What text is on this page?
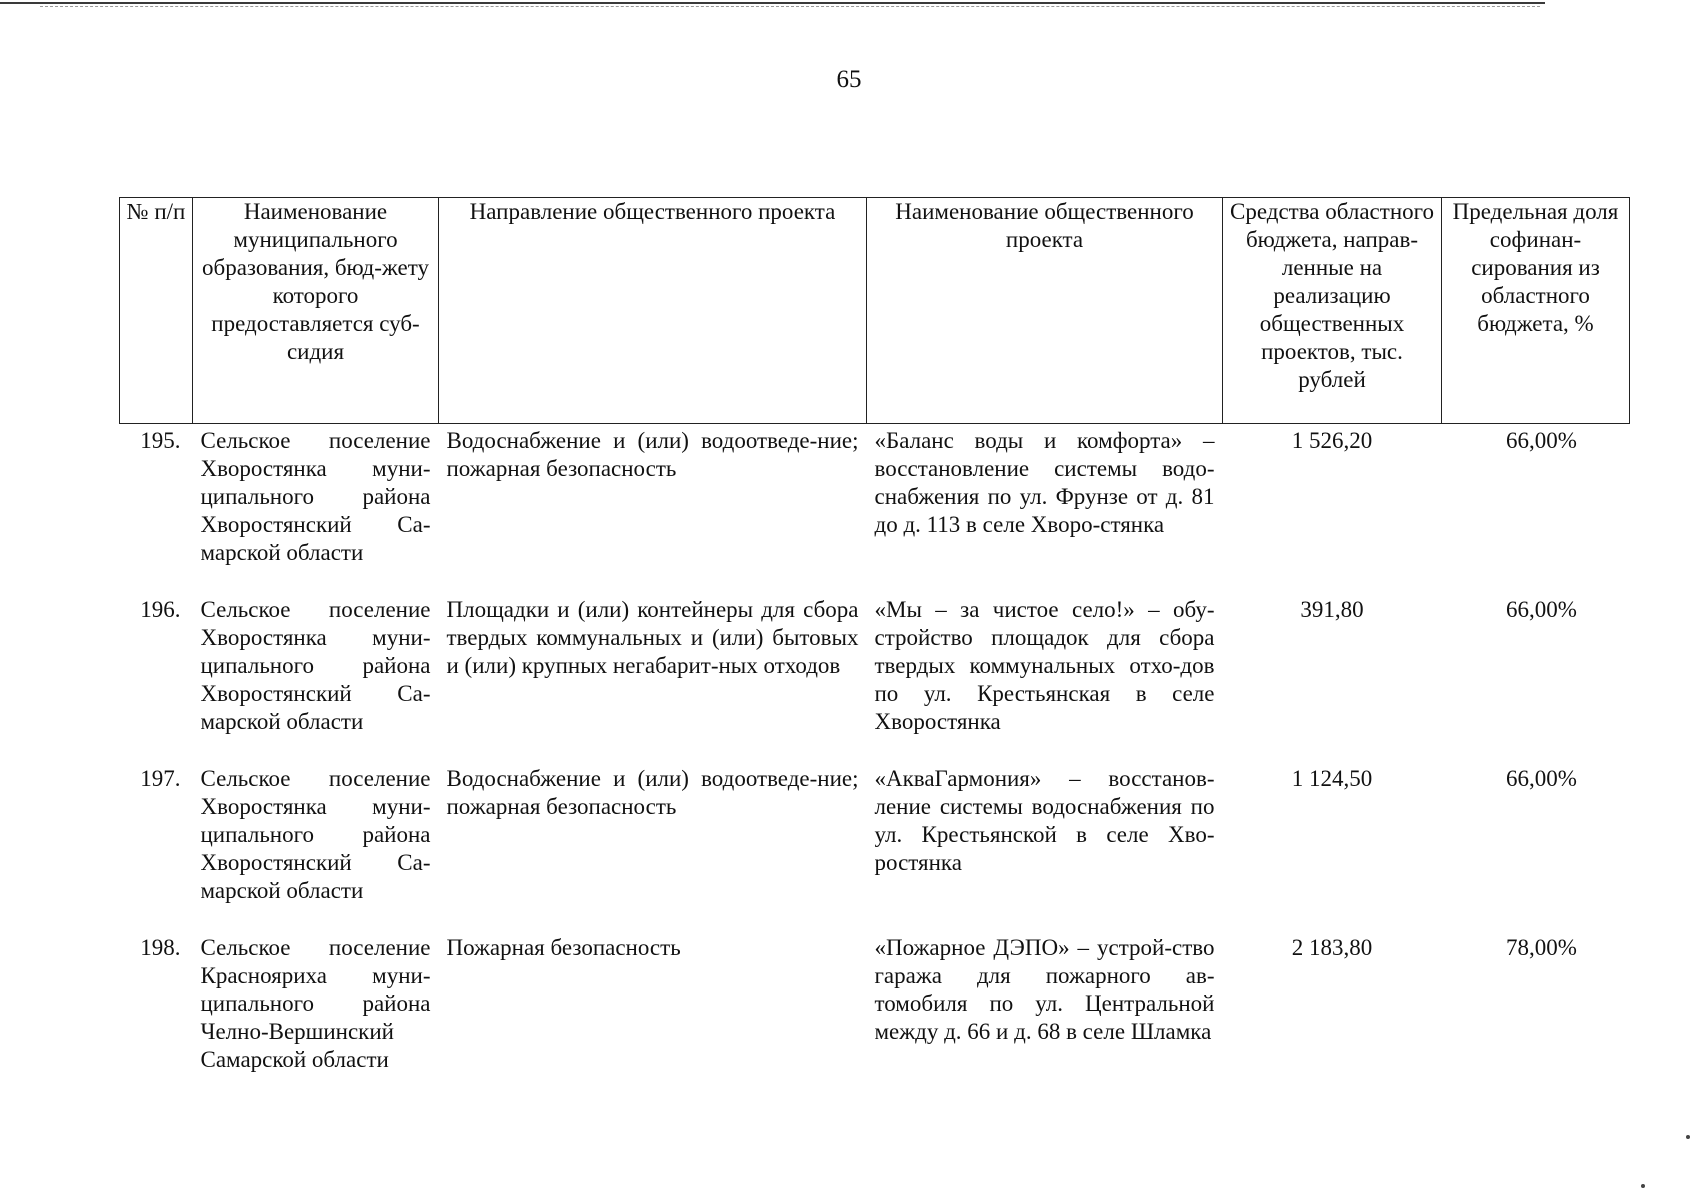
65
№ п/п	Наименование муниципального образования, бюд-жету которого предоставляется суб-сидия	Направление общественного проекта	Наименование общественного проекта	Средства областного бюджета, направ-ленные на реализацию общественных проектов, тыс. рублей	Предельная доля софинан-сирования из областного бюджета, %
195.	Сельское поселение Хворостянка муни-ципального района Хворостянский Са-марской области	Водоснабжение и (или) водоотведе-ние; пожарная безопасность	«Баланс воды и комфорта» – восстановление системы водо-снабжения по ул. Фрунзе от д. 81 до д. 113 в селе Хворо-стянка	1 526,20	66,00%
196.	Сельское поселение Хворостянка муни-ципального района Хворостянский Са-марской области	Площадки и (или) контейнеры для сбора твердых коммунальных и (или) бытовых и (или) крупных негабарит-ных отходов	«Мы – за чистое село!» – обу-стройство площадок для сбора твердых коммунальных отхо-дов по ул. Крестьянская в селе Хворостянка	391,80	66,00%
197.	Сельское поселение Хворостянка муни-ципального района Хворостянский Са-марской области	Водоснабжение и (или) водоотведе-ние; пожарная безопасность	«АкваГармония» – восстанов-ление системы водоснабжения по ул. Крестьянской в селе Хво-ростянка	1 124,50	66,00%
198.	Сельское поселение Краснояриха муни-ципального района Челно-Вершинский Самарской области	Пожарная безопасность	«Пожарное ДЭПО» – устрой-ство гаража для пожарного ав-томобиля по ул. Центральной между д. 66 и д. 68 в селе Шламка	2 183,80	78,00%
